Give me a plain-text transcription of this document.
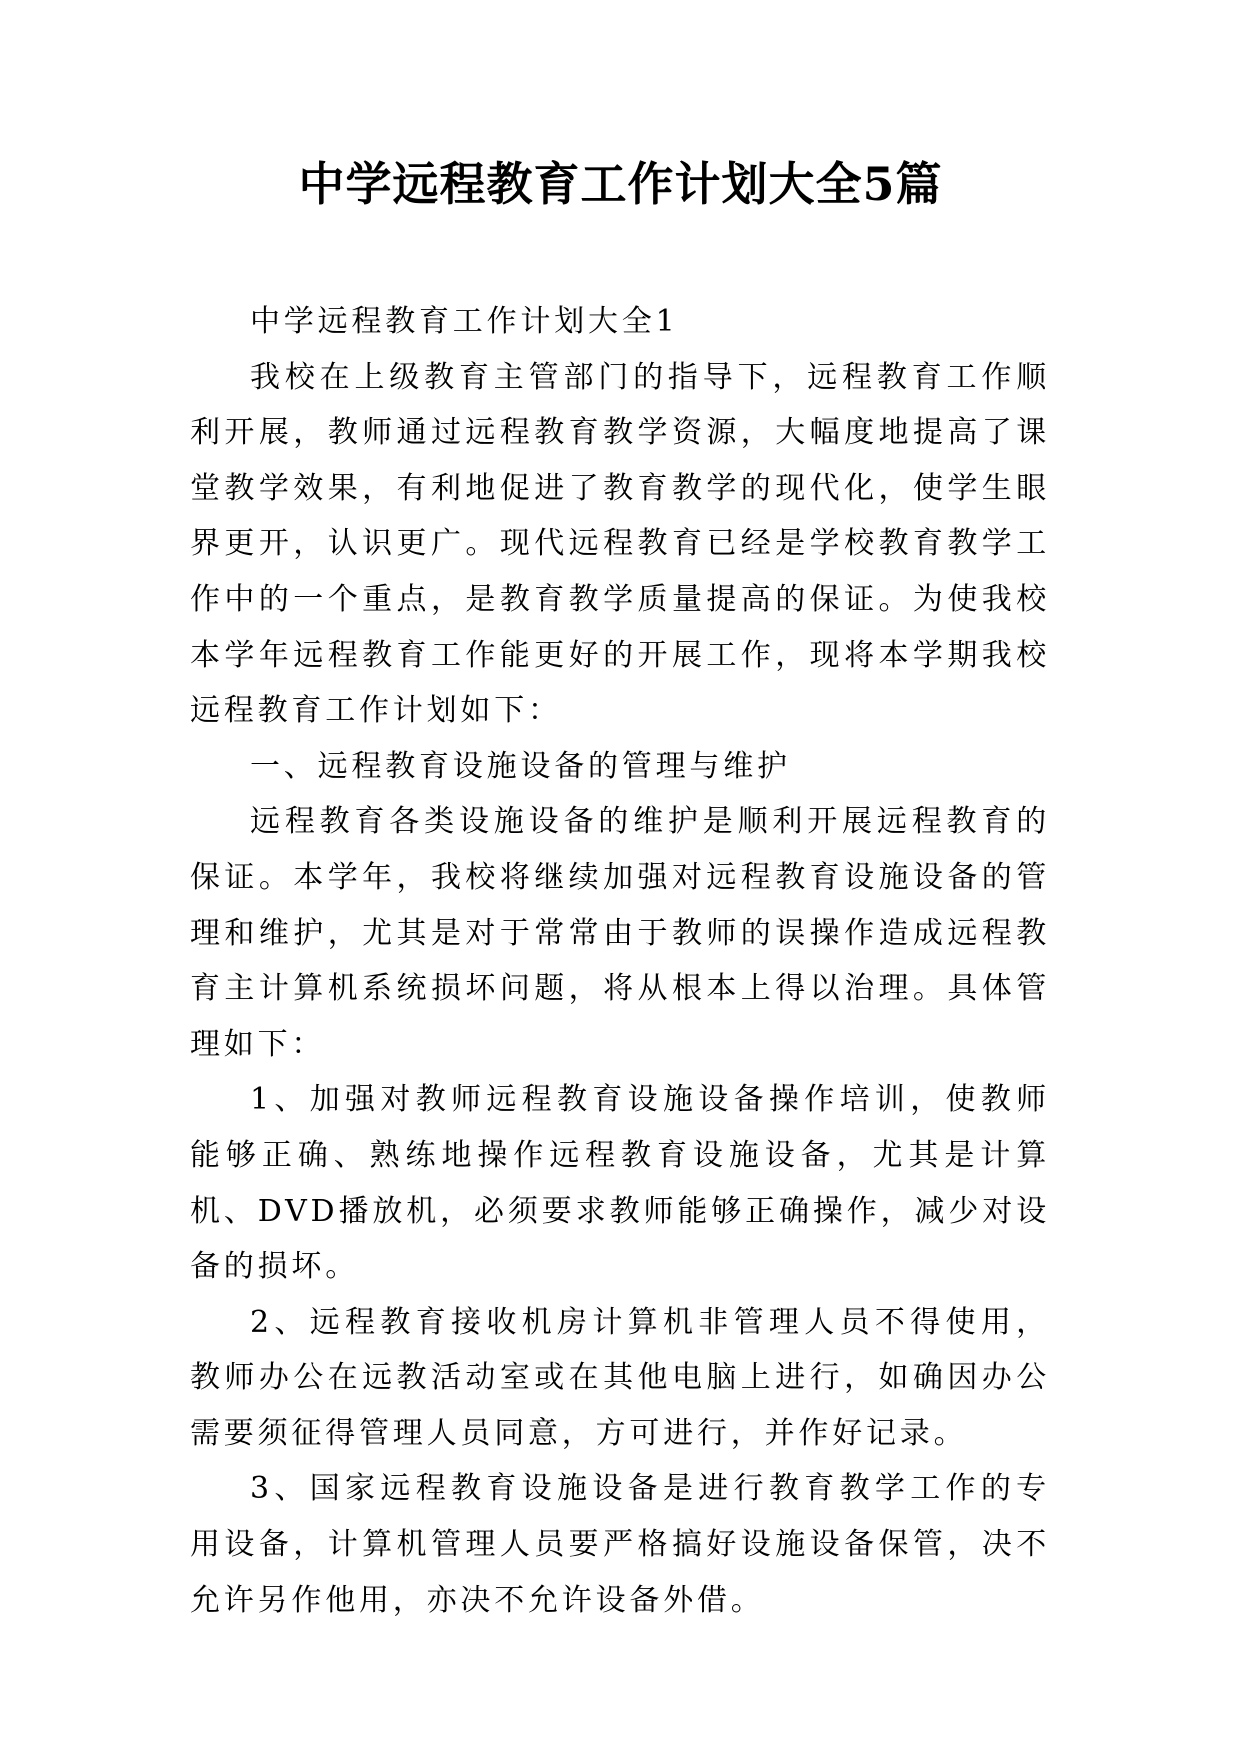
中学远程教育工作计划大全5篇

中学远程教育工作计划大全1

我校在上级教育主管部门的指导下，远程教育工作顺利开展，教师通过远程教育教学资源，大幅度地提高了课堂教学效果，有利地促进了教育教学的现代化，使学生眼界更开，认识更广。现代远程教育已经是学校教育教学工作中的一个重点，是教育教学质量提高的保证。为使我校本学年远程教育工作能更好的开展工作，现将本学期我校远程教育工作计划如下：

一、远程教育设施设备的管理与维护

远程教育各类设施设备的维护是顺利开展远程教育的保证。本学年，我校将继续加强对远程教育设施设备的管理和维护，尤其是对于常常由于教师的误操作造成远程教育主计算机系统损坏问题，将从根本上得以治理。具体管理如下：

1、加强对教师远程教育设施设备操作培训，使教师能够正确、熟练地操作远程教育设施设备，尤其是计算机、DVD播放机，必须要求教师能够正确操作，减少对设备的损坏。

2、远程教育接收机房计算机非管理人员不得使用，教师办公在远教活动室或在其他电脑上进行，如确因办公需要须征得管理人员同意，方可进行，并作好记录。

3、国家远程教育设施设备是进行教育教学工作的专用设备，计算机管理人员要严格搞好设施设备保管，决不允许另作他用，亦决不允许设备外借。
